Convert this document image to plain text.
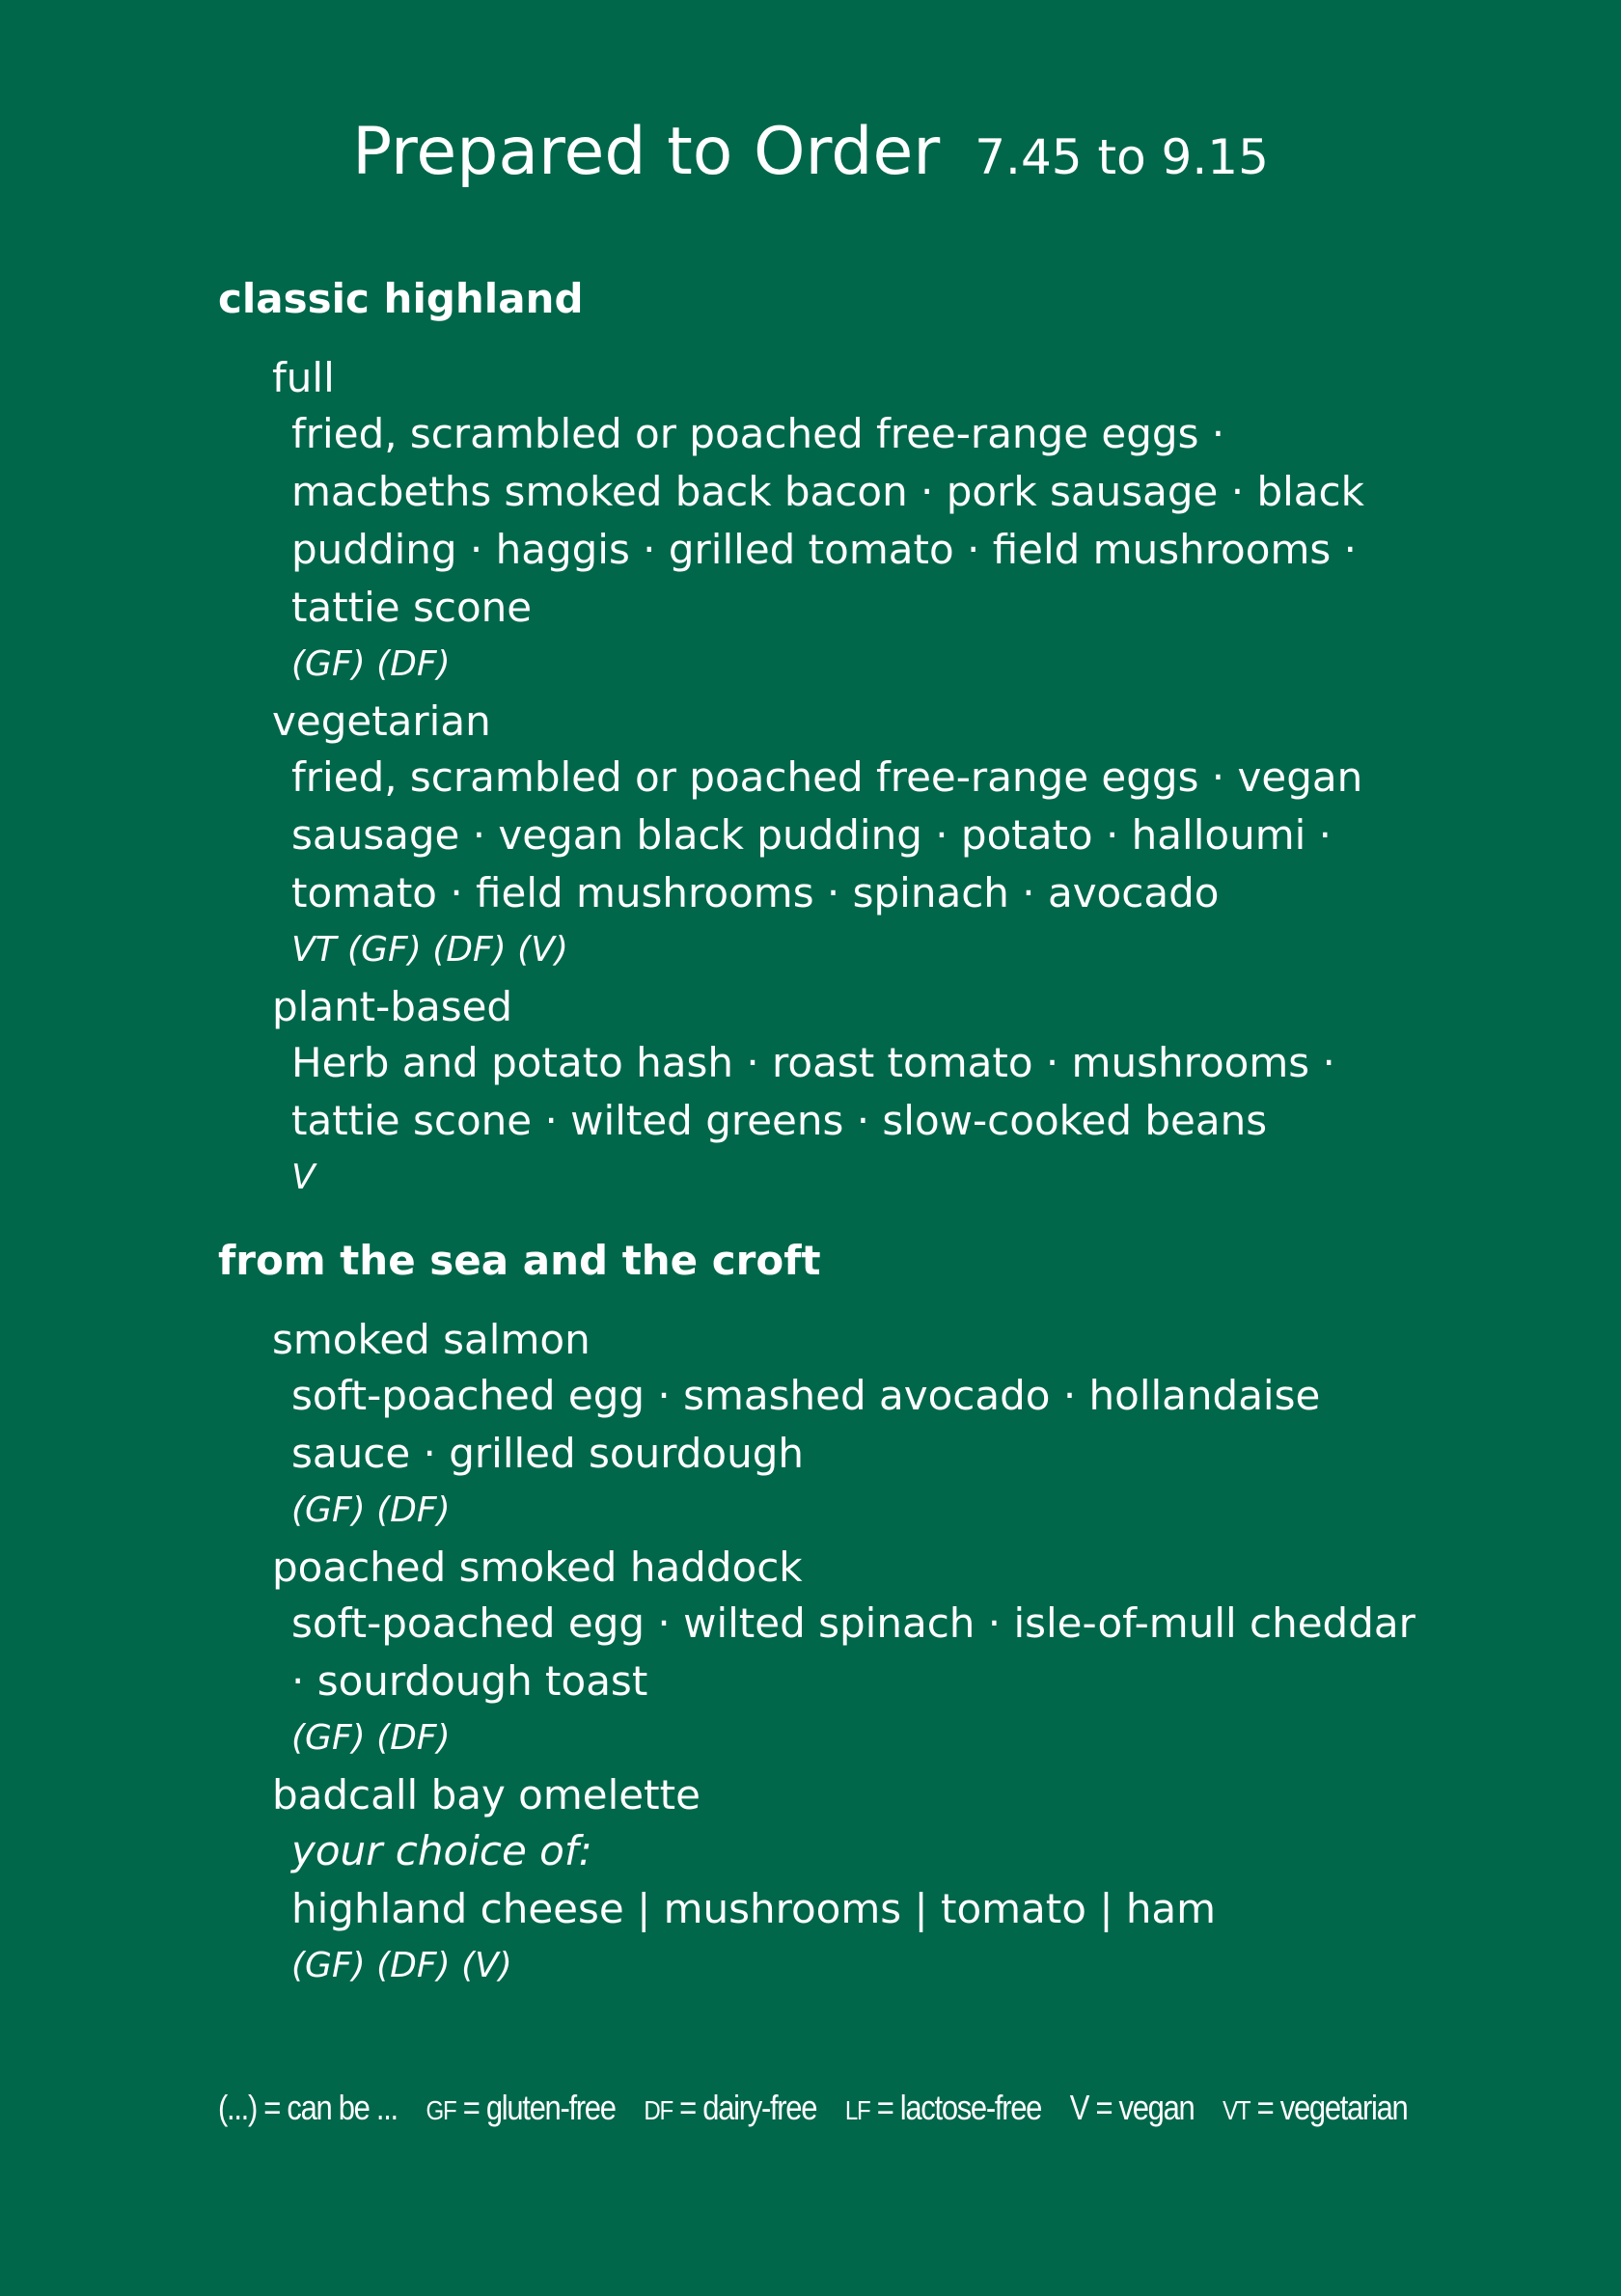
Prepared to Order 7.45 to 9.15
classic highland
full
fried, scrambled or poached free-range eggs · macbeths smoked back bacon · pork sausage · black pudding · haggis · grilled tomato · field mushrooms · tattie scone
(GF) (DF)
vegetarian
fried, scrambled or poached free-range eggs · vegan sausage · vegan black pudding · potato · halloumi · tomato · field mushrooms · spinach · avocado
VT (GF) (DF) (V)
plant-based
Herb and potato hash · roast tomato · mushrooms · tattie scone · wilted greens · slow-cooked beans
V
from the sea and the croft
smoked salmon
soft-poached egg · smashed avocado · hollandaise sauce · grilled sourdough
(GF) (DF)
poached smoked haddock
soft-poached egg · wilted spinach · isle-of-mull cheddar · sourdough toast
(GF) (DF)
badcall bay omelette
your choice of:
highland cheese | mushrooms | tomato | ham
(GF) (DF) (V)
(...) = can be ... GF = gluten-free DF = dairy-free LF = lactose-free V = vegan VT = vegetarian
